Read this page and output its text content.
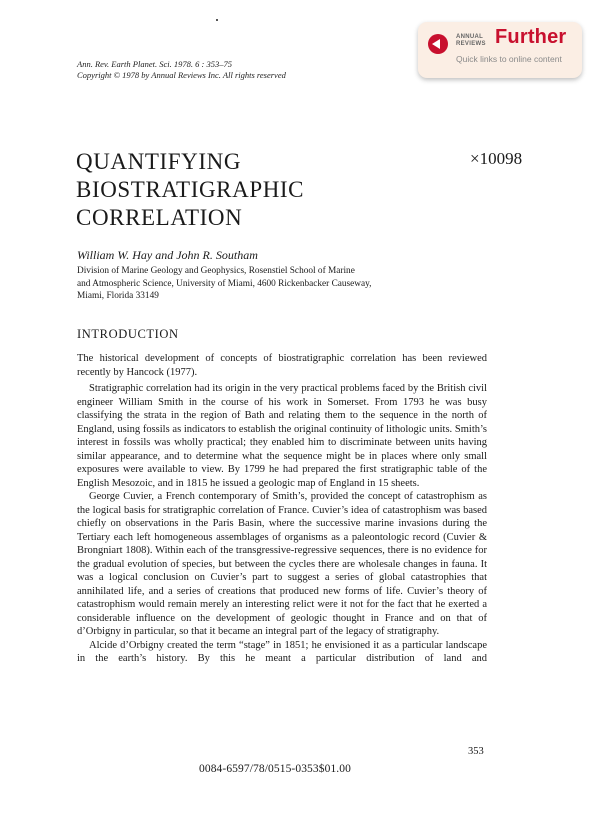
Ann. Rev. Earth Planet. Sci. 1978. 6 : 353–75
Copyright © 1978 by Annual Reviews Inc. All rights reserved
ANNUAL
REVIEWS Further
Quick links to online content
QUANTIFYING
BIOSTRATIGRAPHIC
CORRELATION
×10098
William W. Hay and John R. Southam
Division of Marine Geology and Geophysics, Rosenstiel School of Marine
and Atmospheric Science, University of Miami, 4600 Rickenbacker Causeway,
Miami, Florida 33149
INTRODUCTION

The historical development of concepts of biostratigraphic correlation has been reviewed recently by Hancock (1977).

Stratigraphic correlation had its origin in the very practical problems faced by the British civil engineer William Smith in the course of his work in Somerset. From 1793 he was busy classifying the strata in the region of Bath and relating them to the sequence in the north of England, using fossils as indicators to establish the original continuity of lithologic units. Smith’s interest in fossils was wholly practical; they enabled him to discriminate between units having similar appearance, and to determine what the sequence might be in places where only small exposures were available to view. By 1799 he had prepared the first stratigraphic table of the English Mesozoic, and in 1815 he issued a geologic map of England in 15 sheets.

George Cuvier, a French contemporary of Smith’s, provided the concept of catastrophism as the logical basis for stratigraphic correlation of France. Cuvier’s idea of catastrophism was based chiefly on observations in the Paris Basin, where the successive marine invasions during the Tertiary each left homogeneous assemblages of organisms as a paleontologic record (Cuvier & Brongniart 1808). Within each of the transgressive-regressive sequences, there is no evidence for the gradual evolution of species, but between the cycles there are wholesale changes in fauna. It was a logical conclusion on Cuvier’s part to suggest a series of global catastrophies that annihilated life, and a series of creations that produced new forms of life. Cuvier’s theory of catastrophism would remain merely an interesting relict were it not for the fact that he exerted a considerable influence on the development of geologic thought in France and on that of d’Orbigny in particular, so that it became an integral part of the legacy of stratigraphy.

Alcide d’Orbigny created the term “stage” in 1851; he envisioned it as a particular landscape in the earth’s history. By this he meant a particular distribution of land and

353
0084-6597/78/0515-0353$01.00
